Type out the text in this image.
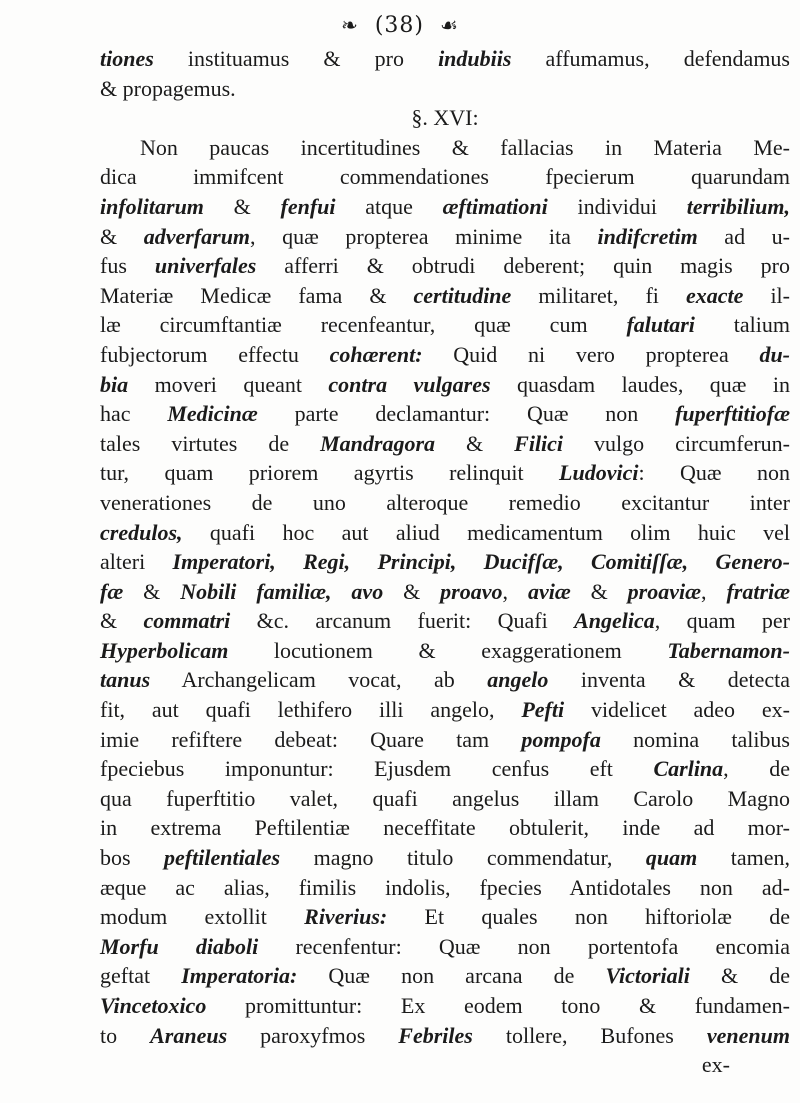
❧ (38) ☙
tiones instituamus & pro indubiis affumamus, defendamus
& propagemus.
§. XVI:
Non paucas incertitudines & fallacias in Materia Me-
dica immifcent commendationes fpecierum quarundam
infolitarum & fenfui atque æftimationi individui terribilium,
& adverfarum, quæ propterea minime ita indifcretim ad u-
fus univerfales afferri & obtrudi deberent; quin magis pro
Materiæ Medicæ fama & certitudine militaret, fi exacte il-
læ circumftantiæ recenfeantur, quæ cum falutari talium
fubjectorum effectu cohærent: Quid ni vero propterea du-
bia moveri queant contra vulgares quasdam laudes, quæ in
hac Medicinæ parte declamantur: Quæ non fuperftitiofæ
tales virtutes de Mandragora & Filici vulgo circumferun-
tur, quam priorem agyrtis relinquit Ludovici: Quæ non
venerationes de uno alteroque remedio excitantur inter
credulos, quafi hoc aut aliud medicamentum olim huic vel
alteri Imperatori, Regi, Principi, Ducifſæ, Comitiſſæ, Genero-
fæ & Nobili familiæ, avo & proavo, aviæ & proaviæ, fratriæ
& commatri &c. arcanum fuerit: Quafi Angelica, quam per
Hyperbolicam locutionem & exaggerationem Tabernamon-
tanus Archangelicam vocat, ab angelo inventa & detecta
fit, aut quafi lethifero illi angelo, Pefti videlicet adeo ex-
imie refiftere debeat: Quare tam pompofa nomina talibus
fpeciebus imponuntur: Ejusdem cenfus eft Carlina, de
qua fuperftitio valet, quafi angelus illam Carolo Magno
in extrema Peftilentiæ neceffitate obtulerit, inde ad mor-
bos peftilentiales magno titulo commendatur, quam tamen,
æque ac alias, fimilis indolis, fpecies Antidotales non ad-
modum extollit Riverius: Et quales non hiftoriolæ de
Morfu diaboli recenfentur: Quæ non portentofa encomia
geftat Imperatoria: Quæ non arcana de Victoriali & de
Vincetoxico promittuntur: Ex eodem tono & fundamen-
to Araneus paroxyfmos Febriles tollere, Bufones venenum
ex-
